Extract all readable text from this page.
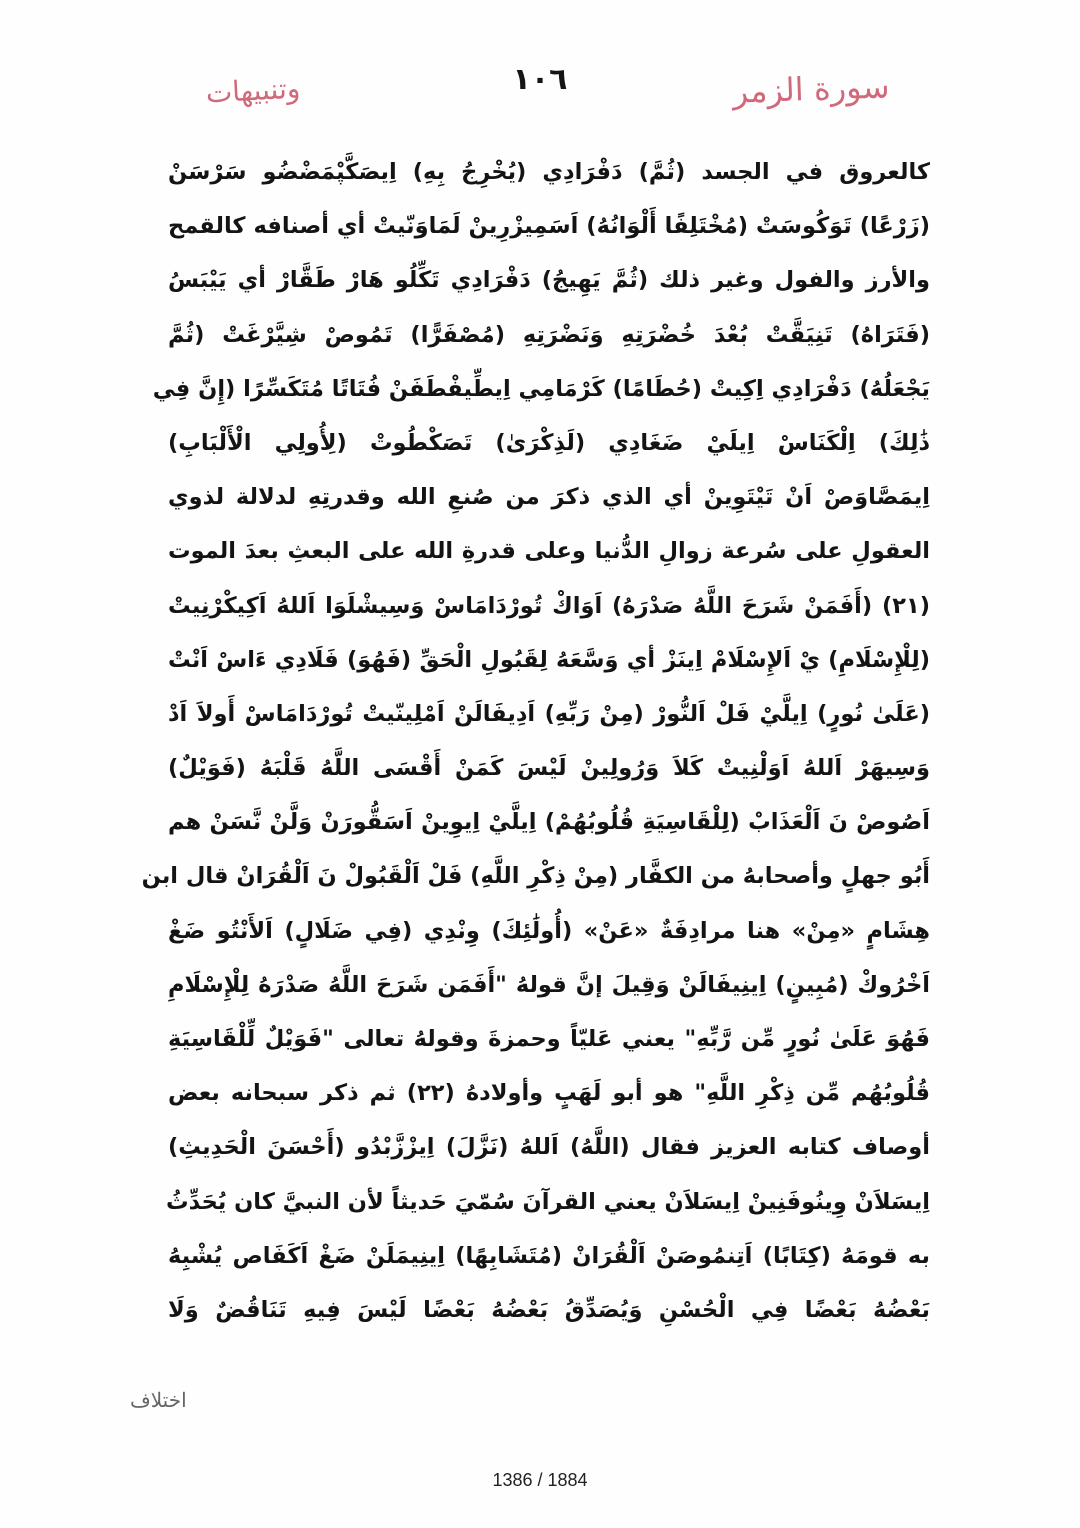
سورة الزمر
١٠٦
وتنبيهات
كالعروق في الجسد (ثُمَّ) دَفْرَادِي (يُخْرِجُ بِهِ) اِيصَكَّپْمَضْضُو سَرْسَنْ
(زَرْعًا) تَوَكُوسَتْ (مُخْتَلِفًا أَلْوَانُهُ) اَسَمِيزْرِينْ لَمَاوَنّيتْ أي أصنافه كالقمح
والأرز والفول وغير ذلك (ثُمَّ يَهِيجُ) دَفْرَادِي تَكِّلُو هَارْ طَقَّارْ أي يَيْبَسُ
(فَتَرَاهُ) تَنِيَقَّتْ بُعْدَ خُضْرَتِهِ وَنَضْرَتِهِ (مُصْفَرًّا) تَمُوصْ شِيَّرْغَتْ (ثُمَّ
يَجْعَلُهُ) دَفْرَادِي اِكِيتْ (حُطَامًا) كَرْمَامِي اِيطِّيفْطَفَنْ فُتَاتًا مُتَكَسِّرًا (إِنَّ فِي
ذَٰلِكَ) اِلْكَنَاسْ اِيلَيْ ضَغَادِي (لَذِكْرَىٰ) تَصَكْطُوتْ (لِأُولِي الْأَلْبَابِ)
اِيمَصَّاوَصْ اَنْ تَيْتَوِينْ أي الذي ذكرَ من صُنعِ الله وقدرتِهِ لدلالة لذوي
العقولِ على سُرعة زوالِ الدُّنيا وعلى قدرةِ الله على البعثِ بعدَ الموت
(٢١) (أَفَمَنْ شَرَحَ اللَّهُ صَدْرَهُ) اَوَاكْ تُورْدَامَاسْ وَسِيشْلَوَا اَللهُ اَكِيكْرْنِيتْ
(لِلْإِسْلَامِ) يْ اَلإِسْلَامْ اِينَزْ أي وَسَّعَهُ لِقَبُولِ الْحَقِّ (فَهُوَ) فَلَادِي ءَاسْ اَنْتْ
(عَلَىٰ نُورٍ) اِيلَّيْ فَلْ اَلنُّورْ (مِنْ رَبِّهِ) اَدِيفَالَنْ اَمْلِينّيتْ تُورْدَامَاسْ أَولاَ اَدْ
وَسِيهَرْ اَللهُ اَوَلْنِيتْ كَلاَ وَرُولِينْ لَيْسَ كَمَنْ أَقْسَى اللَّهُ قَلْبَهُ (فَوَيْلٌ)
اَصُوصْ نَ اَلْعَذَابْ (لِلْقَاسِيَةِ قُلُوبُهُمْ) اِيلَّيْ اِيوِينْ اَسَقُّورَنْ وَلَّنْ نَّسَنْ هم
أَبُو جهلٍ وأصحابهُ من الكفَّار (مِنْ ذِكْرِ اللَّهِ) فَلْ اَلْقَبُولْ نَ اَلْقُرَانْ قال ابن
هِشَامٍ «مِنْ» هنا مرادِفَةٌ «عَنْ» (أُولَٰئِكَ) وِنْدِي (فِي ضَلَالٍ) اَلأَنْتُو ضَغْ
اَخْرُوكْ (مُبِينٍ) اِينِيفَالَنْ وَقِيلَ إنَّ قولهُ "أَفَمَن شَرَحَ اللَّهُ صَدْرَهُ لِلْإِسْلَامِ
فَهُوَ عَلَىٰ نُورٍ مِّن رَّبِّهِ" يعني عَليّاً وحمزةَ وقولهُ تعالى "فَوَيْلٌ لِّلْقَاسِيَةِ
قُلُوبُهُم مِّن ذِكْرِ اللَّهِ" هو أبو لَهَبٍ وأولادهُ (٢٢) ثم ذكر سبحانه بعض
أوصاف كتابه العزيز فقال (اللَّهُ) اَللهُ (نَزَّلَ) اِيزْزَّبْدُو (أَحْسَنَ الْحَدِيثِ)
اِيسَلاَنْ وِينُوفَنِينْ اِيسَلاَنْ يعني القرآنَ سُمّيَ حَديثاً لأن النبيَّ كان يُحَدِّثُ
به قومَهُ (كِتَابًا) اَتِنمُوصَنْ اَلْقُرَانْ (مُتَشَابِهًا) اِينِيمَلَنْ ضَغْ اَكَفَاص يُشْبِهُ
بَعْضُهُ بَعْضًا فِي الْحُسْنِ وَيُصَدِّقُ بَعْضُهُ بَعْضًا لَيْسَ فِيهِ تَنَاقُضٌ وَلَا
اختلاف
1386 / 1884
